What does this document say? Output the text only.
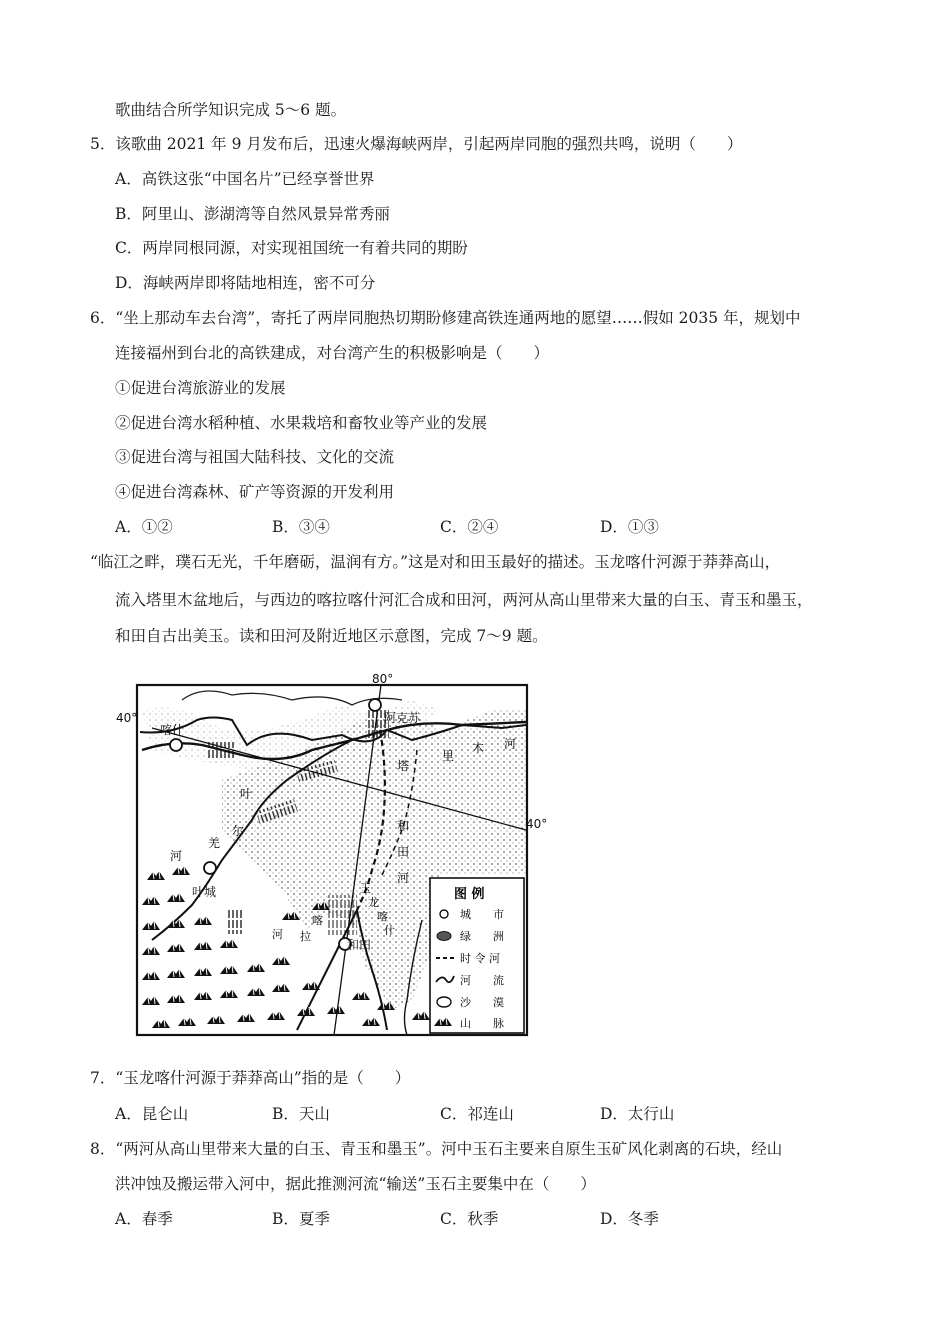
歌曲结合所学知识完成 5～6 题。
5．该歌曲 2021 年 9 月发布后，迅速火爆海峡两岸，引起两岸同胞的强烈共鸣，说明（　　）
A．高铁这张“中国名片”已经享誉世界
B．阿里山、澎湖湾等自然风景异常秀丽
C．两岸同根同源，对实现祖国统一有着共同的期盼
D．海峡两岸即将陆地相连，密不可分
6．“坐上那动车去台湾”，寄托了两岸同胞热切期盼修建高铁连通两地的愿望……假如 2035 年，规划中
连接福州到台北的高铁建成，对台湾产生的积极影响是（　　）
①促进台湾旅游业的发展
②促进台湾水稻种植、水果栽培和畜牧业等产业的发展
③促进台湾与祖国大陆科技、文化的交流
④促进台湾森林、矿产等资源的开发利用
A．①②	B．③④	C．②④	D．①③
“临江之畔，璞石无光，千年磨砺，温润有方。”这是对和田玉最好的描述。玉龙喀什河源于莽莽高山，
流入塔里木盆地后，与西边的喀拉喀什河汇合成和田河，两河从高山里带来大量的白玉、青玉和墨玉，
和田自古出美玉。读和田河及附近地区示意图，完成 7～9 题。
80°
40°
40°
阿克苏
喀什
叶城
和田
塔
里
木 河
叶
尔
羌
河
和
田
河
玉
龙
喀
什
喀
拉
河
图 例
城　　市
绿　　洲
时 令 河
河　　流
沙　　漠
山　　脉
7．“玉龙喀什河源于莽莽高山”指的是（　　）
A．昆仑山	B．天山	C．祁连山	D．太行山
8．“两河从高山里带来大量的白玉、青玉和墨玉”。河中玉石主要来自原生玉矿风化剥离的石块，经山
洪冲蚀及搬运带入河中，据此推测河流“输送”玉石主要集中在（　　）
A．春季	B．夏季	C．秋季	D．冬季
